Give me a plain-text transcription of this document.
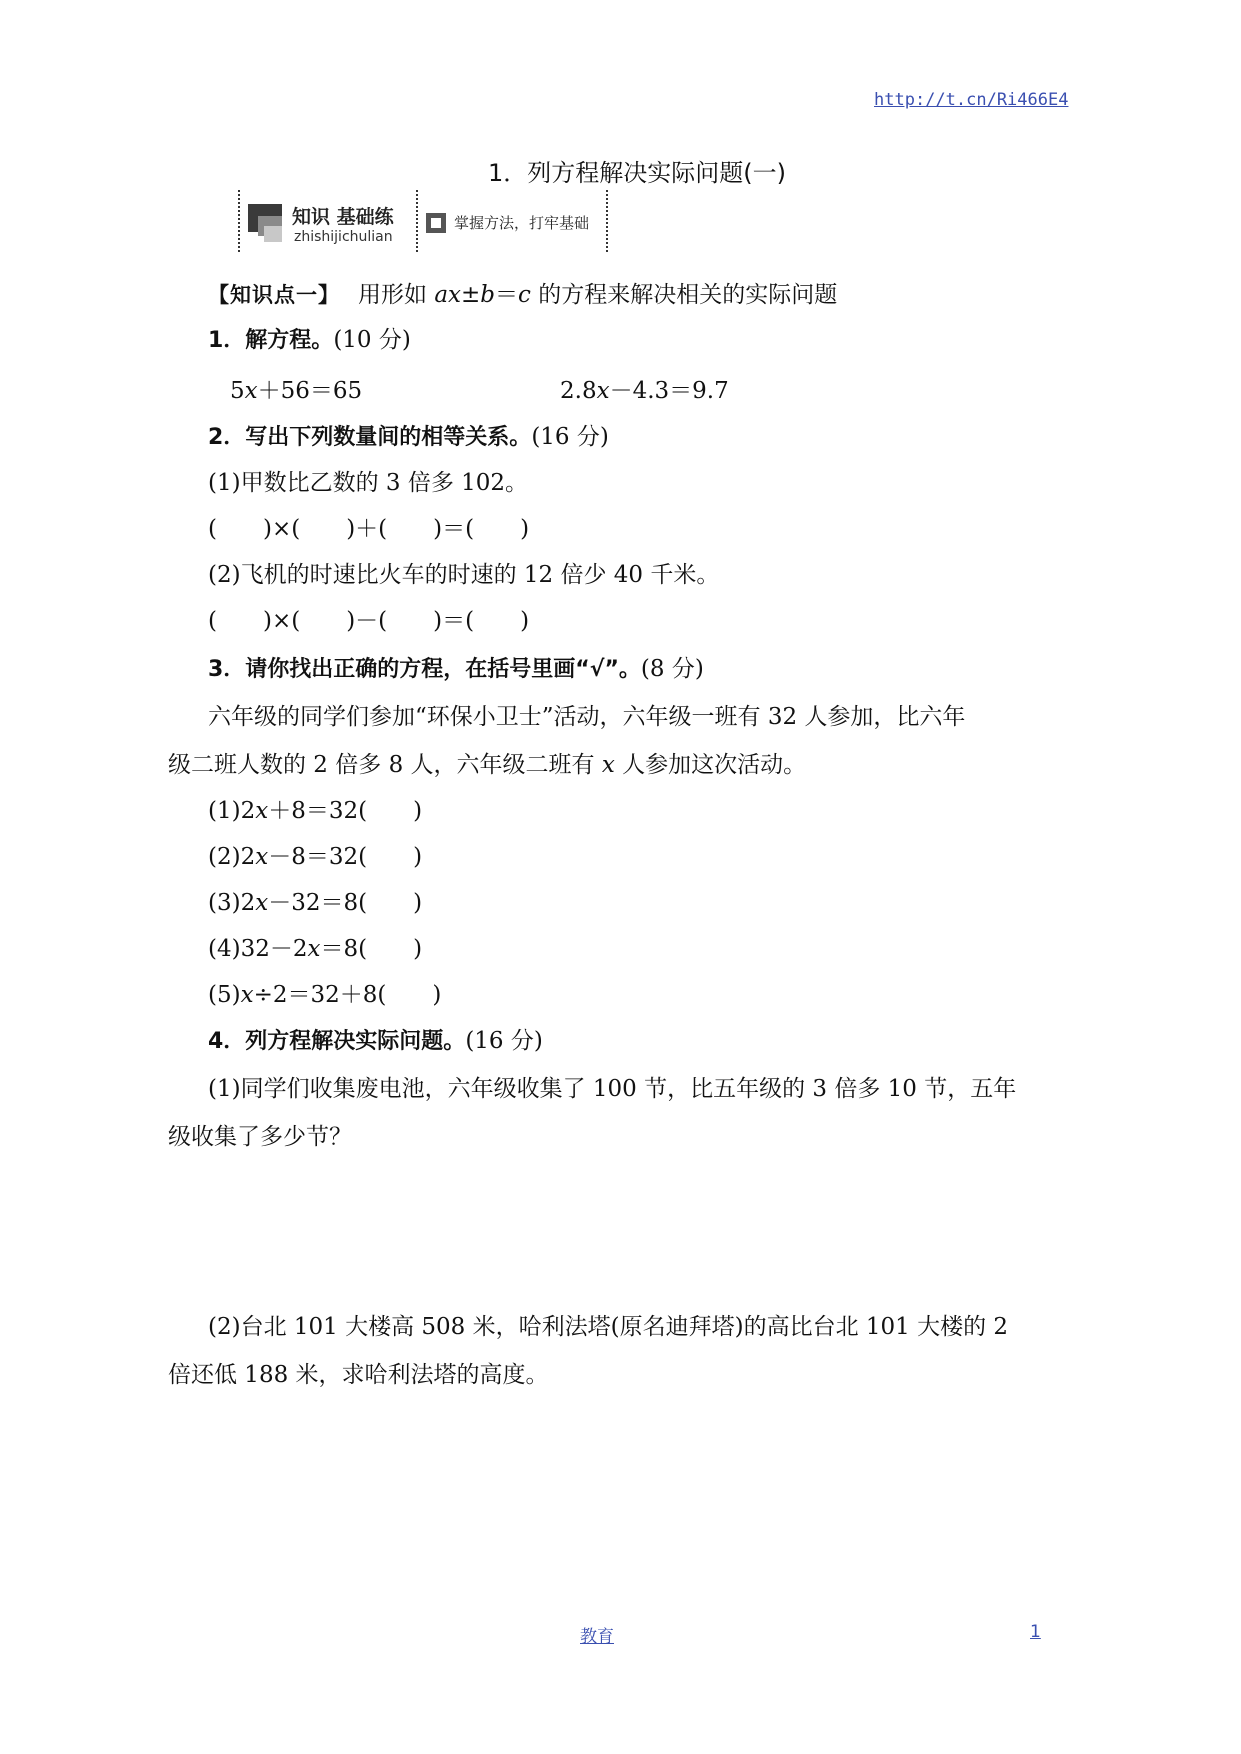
http://t.cn/Ri466E4
1．列方程解决实际问题(一)
知识 基础练
zhishijichulian
掌握方法，打牢基础
【知识点一】 用形如 ax±b＝c 的方程来解决相关的实际问题
1．解方程。(10 分)
5x＋56＝65	2.8x－4.3＝9.7
2．写出下列数量间的相等关系。(16 分)
(1)甲数比乙数的 3 倍多 102。
(　　)×(　　)＋(　　)＝(　　)
(2)飞机的时速比火车的时速的 12 倍少 40 千米。
(　　)×(　　)－(　　)＝(　　)
3．请你找出正确的方程，在括号里画“√”。(8 分)
六年级的同学们参加“环保小卫士”活动，六年级一班有 32 人参加，比六年
级二班人数的 2 倍多 8 人，六年级二班有 x 人参加这次活动。
(1)2x＋8＝32(　　)
(2)2x－8＝32(　　)
(3)2x－32＝8(　　)
(4)32－2x＝8(　　)
(5)x÷2＝32＋8(　　)
4．列方程解决实际问题。(16 分)
(1)同学们收集废电池，六年级收集了 100 节，比五年级的 3 倍多 10 节，五年
级收集了多少节？
(2)台北 101 大楼高 508 米，哈利法塔(原名迪拜塔)的高比台北 101 大楼的 2
倍还低 188 米，求哈利法塔的高度。
教育	1
